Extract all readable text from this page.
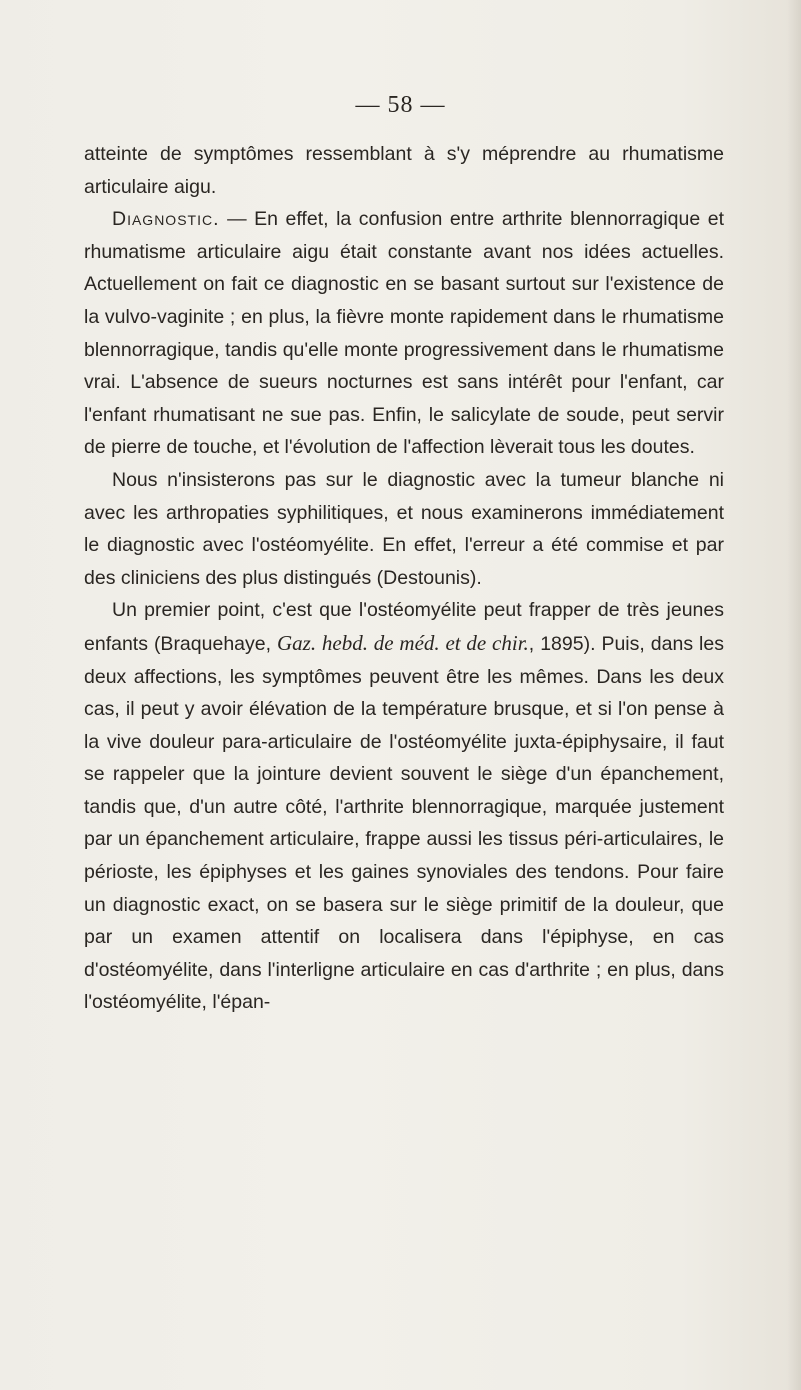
— 58 —

atteinte de symptômes ressemblant à s'y méprendre au rhumatisme articulaire aigu.

Diagnostic. — En effet, la confusion entre arthrite blennorragique et rhumatisme articulaire aigu était constante avant nos idées actuelles. Actuellement on fait ce diagnostic en se basant surtout sur l'existence de la vulvo-vaginite ; en plus, la fièvre monte rapidement dans le rhumatisme blennorragique, tandis qu'elle monte progressivement dans le rhumatisme vrai. L'absence de sueurs nocturnes est sans intérêt pour l'enfant, car l'enfant rhumatisant ne sue pas. Enfin, le salicylate de soude, peut servir de pierre de touche, et l'évolution de l'affection lèverait tous les doutes.

Nous n'insisterons pas sur le diagnostic avec la tumeur blanche ni avec les arthropaties syphilitiques, et nous examinerons immédiatement le diagnostic avec l'ostéomyélite. En effet, l'erreur a été commise et par des cliniciens des plus distingués (Destounis).

Un premier point, c'est que l'ostéomyélite peut frapper de très jeunes enfants (Braquehaye, Gaz. hebd. de méd. et de chir., 1895). Puis, dans les deux affections, les symptômes peuvent être les mêmes. Dans les deux cas, il peut y avoir élévation de la température brusque, et si l'on pense à la vive douleur para-articulaire de l'ostéomyélite juxta-épiphysaire, il faut se rappeler que la jointure devient souvent le siège d'un épanchement, tandis que, d'un autre côté, l'arthrite blennorragique, marquée justement par un épanchement articulaire, frappe aussi les tissus péri-articulaires, le périoste, les épiphyses et les gaines synoviales des tendons. Pour faire un diagnostic exact, on se basera sur le siège primitif de la douleur, que par un examen attentif on localisera dans l'épiphyse, en cas d'ostéomyélite, dans l'interligne articulaire en cas d'arthrite ; en plus, dans l'ostéomyélite, l'épan-
